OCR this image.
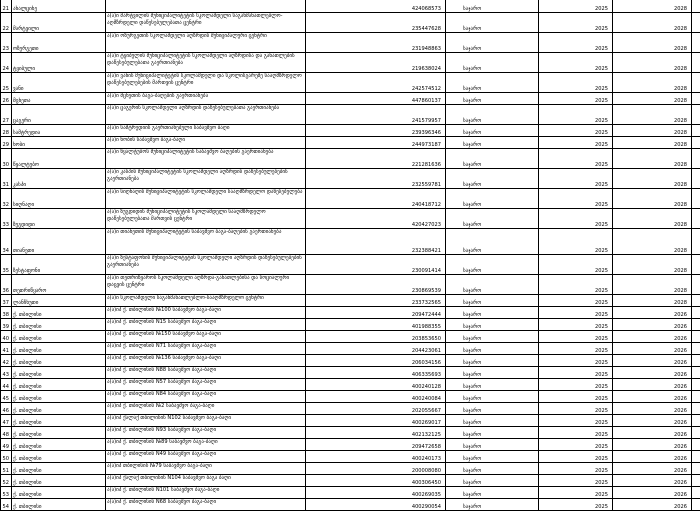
21	ახალციხე		424068573	საჯარო	2025	2028	
22	მარტვილი	ა(ა)ი მარტვილის მუნიციპალიტეტის სკოლამდელი საგანმანათლებლო-აღმზრდელი დაწესებულებათა ცენტრი	235447628	საჯარო	2025	2028	
23	ოზურგეთი	ა(ა)ი ოზურგეთის სკოლამდელი აღზრდის მუნიციპალური ცენტრი	231948863	საჯარო	2025	2028	
24	ტყიბული	ა(ა)ი ტყიბულის მუნიციპალიტეტის სკოლამდელი აღზრდისა და განათლების დაწესებულებათა გაერთიანება	219638024	საჯარო	2025	2028	
25	ვანი	ა(ა)ი ვანის მუნიციპალიტეტის სკოლამდელი და სკოლისგარეშე სააღმზრდელო დაწესებულებების მართვის ცენტრი	242574512	საჯარო	2025	2028	
26	მცხეთა	ა(ა)ი მცხეთის ბაგა-ბაღების გაერთიანება	447860137	საჯარო	2025	2028	
27	ცაგერი	ა(ა)ი ცაგერის სკოლამდელი აღზრდის დაწესებულებათა გაერთიანება	241579957	საჯარო	2025	2028	
28	სამტრედია	ა(ა)ი სამტრედიის გაერთიანებული საბავშვო ბაღი	239396346	საჯარო	2025	2028	
29	ხობი	ა(ა)ი ხობის საბავშვო ბაგა-ბაღი	244973187	საჯარო	2025	2028	
30	წყალტუბო	ა(ა)ი წყალტუბოს მუნიციპალიტეტის საბავშვო ბაღების გაერთიანება	221281636	საჯარო	2025	2028	
31	კასპი	ა(ა)ი კასპის მუნიციპალიტეტის სკოლამდელი აღზრდის დაწესებულებების გაერთიანება	232559781	საჯარო	2025	2028	
32	სიღნაღი	ა(ა)ი სიღნაღის მუნიციპალიტეტის სკოლამდელი სააღმზრდელო დაწესებულება	240418712	საჯარო	2025	2028	
33	ზუგდიდი	ა(ა)ი ზუგდიდის მუნიციპალიტეტის სკოლამდელი სააღმზრდელო დაწესებულებათა მართვის ცენტრი	420427023	საჯარო	2025	2028	
34	თიანეთი	ა(ა)ი თიანეთის მუნიციპალიტეტის საბავშვო ბაგა-ბაღების გაერთიანება	232388421	საჯარო	2025	2028	
35	ზესტაფონი	ა(ა)ი ზესტაფონის მუნიციპალიტეტის სკოლამდელი აღზრდის დაწესებულებების გაერთიანება	230091414	საჯარო	2025	2028	
36	თეთრიწყარო	ა(ა)ი თეთრიწყაროს სკოლამდელი აღზრდა-განათლებისა და სოციალური დაცვის ცენტრი	230869539	საჯარო	2025	2028	
37	ლანჩხუთი	ა(ა)ი სკოლამდელი საგანმანათლებლო-სააღმზრდელო ცენტრი	233732565	საჯარო	2025	2028	
38	ქ. თბილისი	ა(ა)იპ ქ. თბილისის №100 საბავშვო ბაგა-ბაღი	209472444	საჯარო	2025	2026	
39	ქ. თბილისი	ა(ა)იპ ქ. თბილისის N15 საბავშვო ბაგა-ბაღი	401988355	საჯარო	2025	2026	
40	ქ. თბილისი	ა(ა)იპ ქ. თბილისის №150 საბავშვო ბაგა-ბაღი	203853650	საჯარო	2025	2026	
41	ქ. თბილისი	ა(ა)იპ ქ. თბილისის N71 საბავშვო ბაგა-ბაღი	204423061	საჯარო	2025	2026	
42	ქ. თბილისი	ა(ა)იპ ქ. თბილისის №136 საბავშვო ბაგა-ბაღი	206034156	საჯარო	2025	2026	
43	ქ. თბილისი	ა(ა)იპ ქ. თბილისის N88 საბავშვო ბაგა-ბაღი	406335693	საჯარო	2025	2026	
44	ქ. თბილისი	ა(ა)იპ ქ. თბილისის N57 საბავშვო ბაგა-ბაღი	400240128	საჯარო	2025	2026	
45	ქ. თბილისი	ა(ა)იპ ქ. თბილისის N84 საბავშვო ბაგა-ბაღი	400240084	საჯარო	2025	2026	
46	ქ. თბილისი	ა(ა)იპ ქ. თბილისის №2 საბავშვო ბაგა-ბაღი	202055667	საჯარო	2025	2026	
47	ქ. თბილისი	ა(ა)იპ ქალაქ თბილისის N102 საბავშვო ბაგა-ბაღი	400269017	საჯარო	2025	2026	
48	ქ. თბილისი	ა(ა)იპ ქ. თბილისის N93 საბავშვო ბაგა-ბაღი	402132125	საჯარო	2025	2026	
49	ქ. თბილისი	ა(ა)იპ ქ. თბილისის №89 საბავშვო ბაგა-ბაღი	209472658	საჯარო	2025	2026	
50	ქ. თბილისი	ა(ა)იპ ქ. თბილისის N49 საბავშვო ბაგა-ბაღი	400240173	საჯარო	2025	2026	
51	ქ. თბილისი	ა(ა)იპ თბილისის №79 საბავშვო ბაგა-ბაღი	200008080	საჯარო	2025	2026	
52	ქ. თბილისი	ა(ა)იპ ქალაქ თბილისის N104 საბავშვო ბაგა ბაღი	400306450	საჯარო	2025	2026	
53	ქ. თბილისი	ა(ა)იპ ქ. თბილისის N101 საბავშვო ბაგა-ბაღი	400269035	საჯარო	2025	2026	
54	ქ. თბილისი	ა(ა)იპ ქ. თბილისის N68 საბავშვო ბაგა-ბაღი	400290054	საჯარო	2025	2026	
